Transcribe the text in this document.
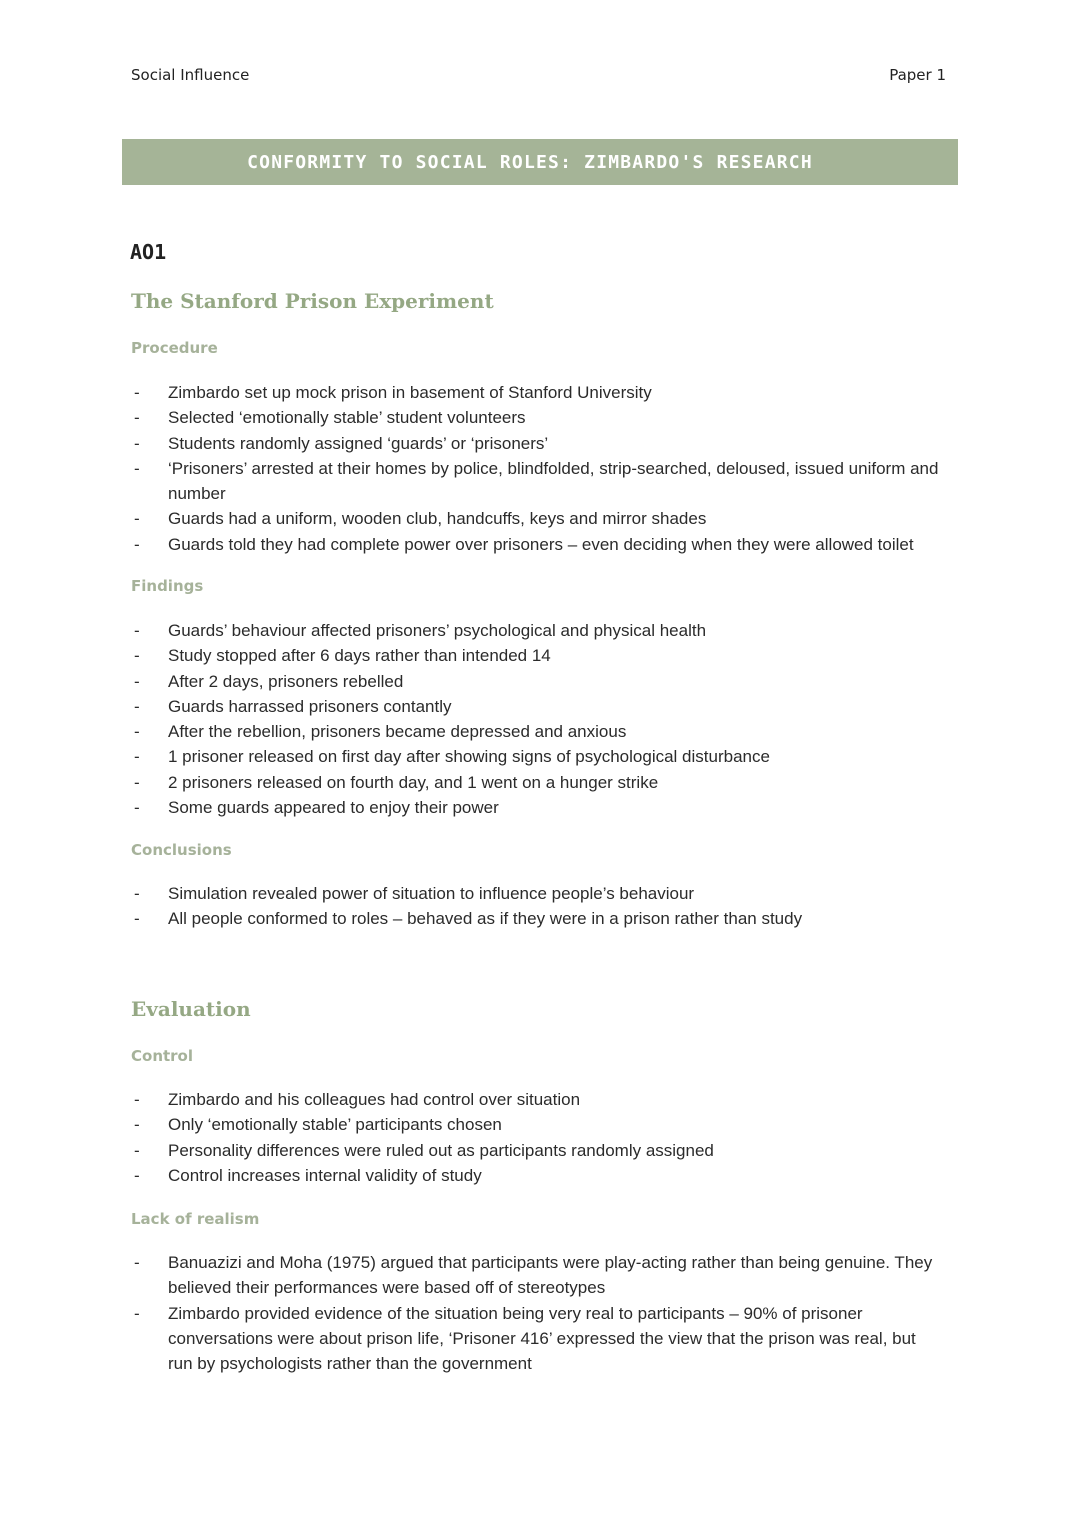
Social Influence	Paper 1
CONFORMITY TO SOCIAL ROLES: ZIMBARDO'S RESEARCH
AO1
The Stanford Prison Experiment
Procedure
- Zimbardo set up mock prison in basement of Stanford University
- Selected ‘emotionally stable’ student volunteers
- Students randomly assigned ‘guards’ or ‘prisoners’
- ‘Prisoners’ arrested at their homes by police, blindfolded, strip-searched, deloused, issued uniform and number
- Guards had a uniform, wooden club, handcuffs, keys and mirror shades
- Guards told they had complete power over prisoners – even deciding when they were allowed toilet
Findings
- Guards’ behaviour affected prisoners’ psychological and physical health
- Study stopped after 6 days rather than intended 14
- After 2 days, prisoners rebelled
- Guards harrassed prisoners contantly
- After the rebellion, prisoners became depressed and anxious
- 1 prisoner released on first day after showing signs of psychological disturbance
- 2 prisoners released on fourth day, and 1 went on a hunger strike
- Some guards appeared to enjoy their power
Conclusions
- Simulation revealed power of situation to influence people’s behaviour
- All people conformed to roles – behaved as if they were in a prison rather than study
Evaluation
Control
- Zimbardo and his colleagues had control over situation
- Only ‘emotionally stable’ participants chosen
- Personality differences were ruled out as participants randomly assigned
- Control increases internal validity of study
Lack of realism
- Banuazizi and Moha (1975) argued that participants were play-acting rather than being genuine. They believed their performances were based off of stereotypes
- Zimbardo provided evidence of the situation being very real to participants – 90% of prisoner conversations were about prison life, ‘Prisoner 416’ expressed the view that the prison was real, but run by psychologists rather than the government
